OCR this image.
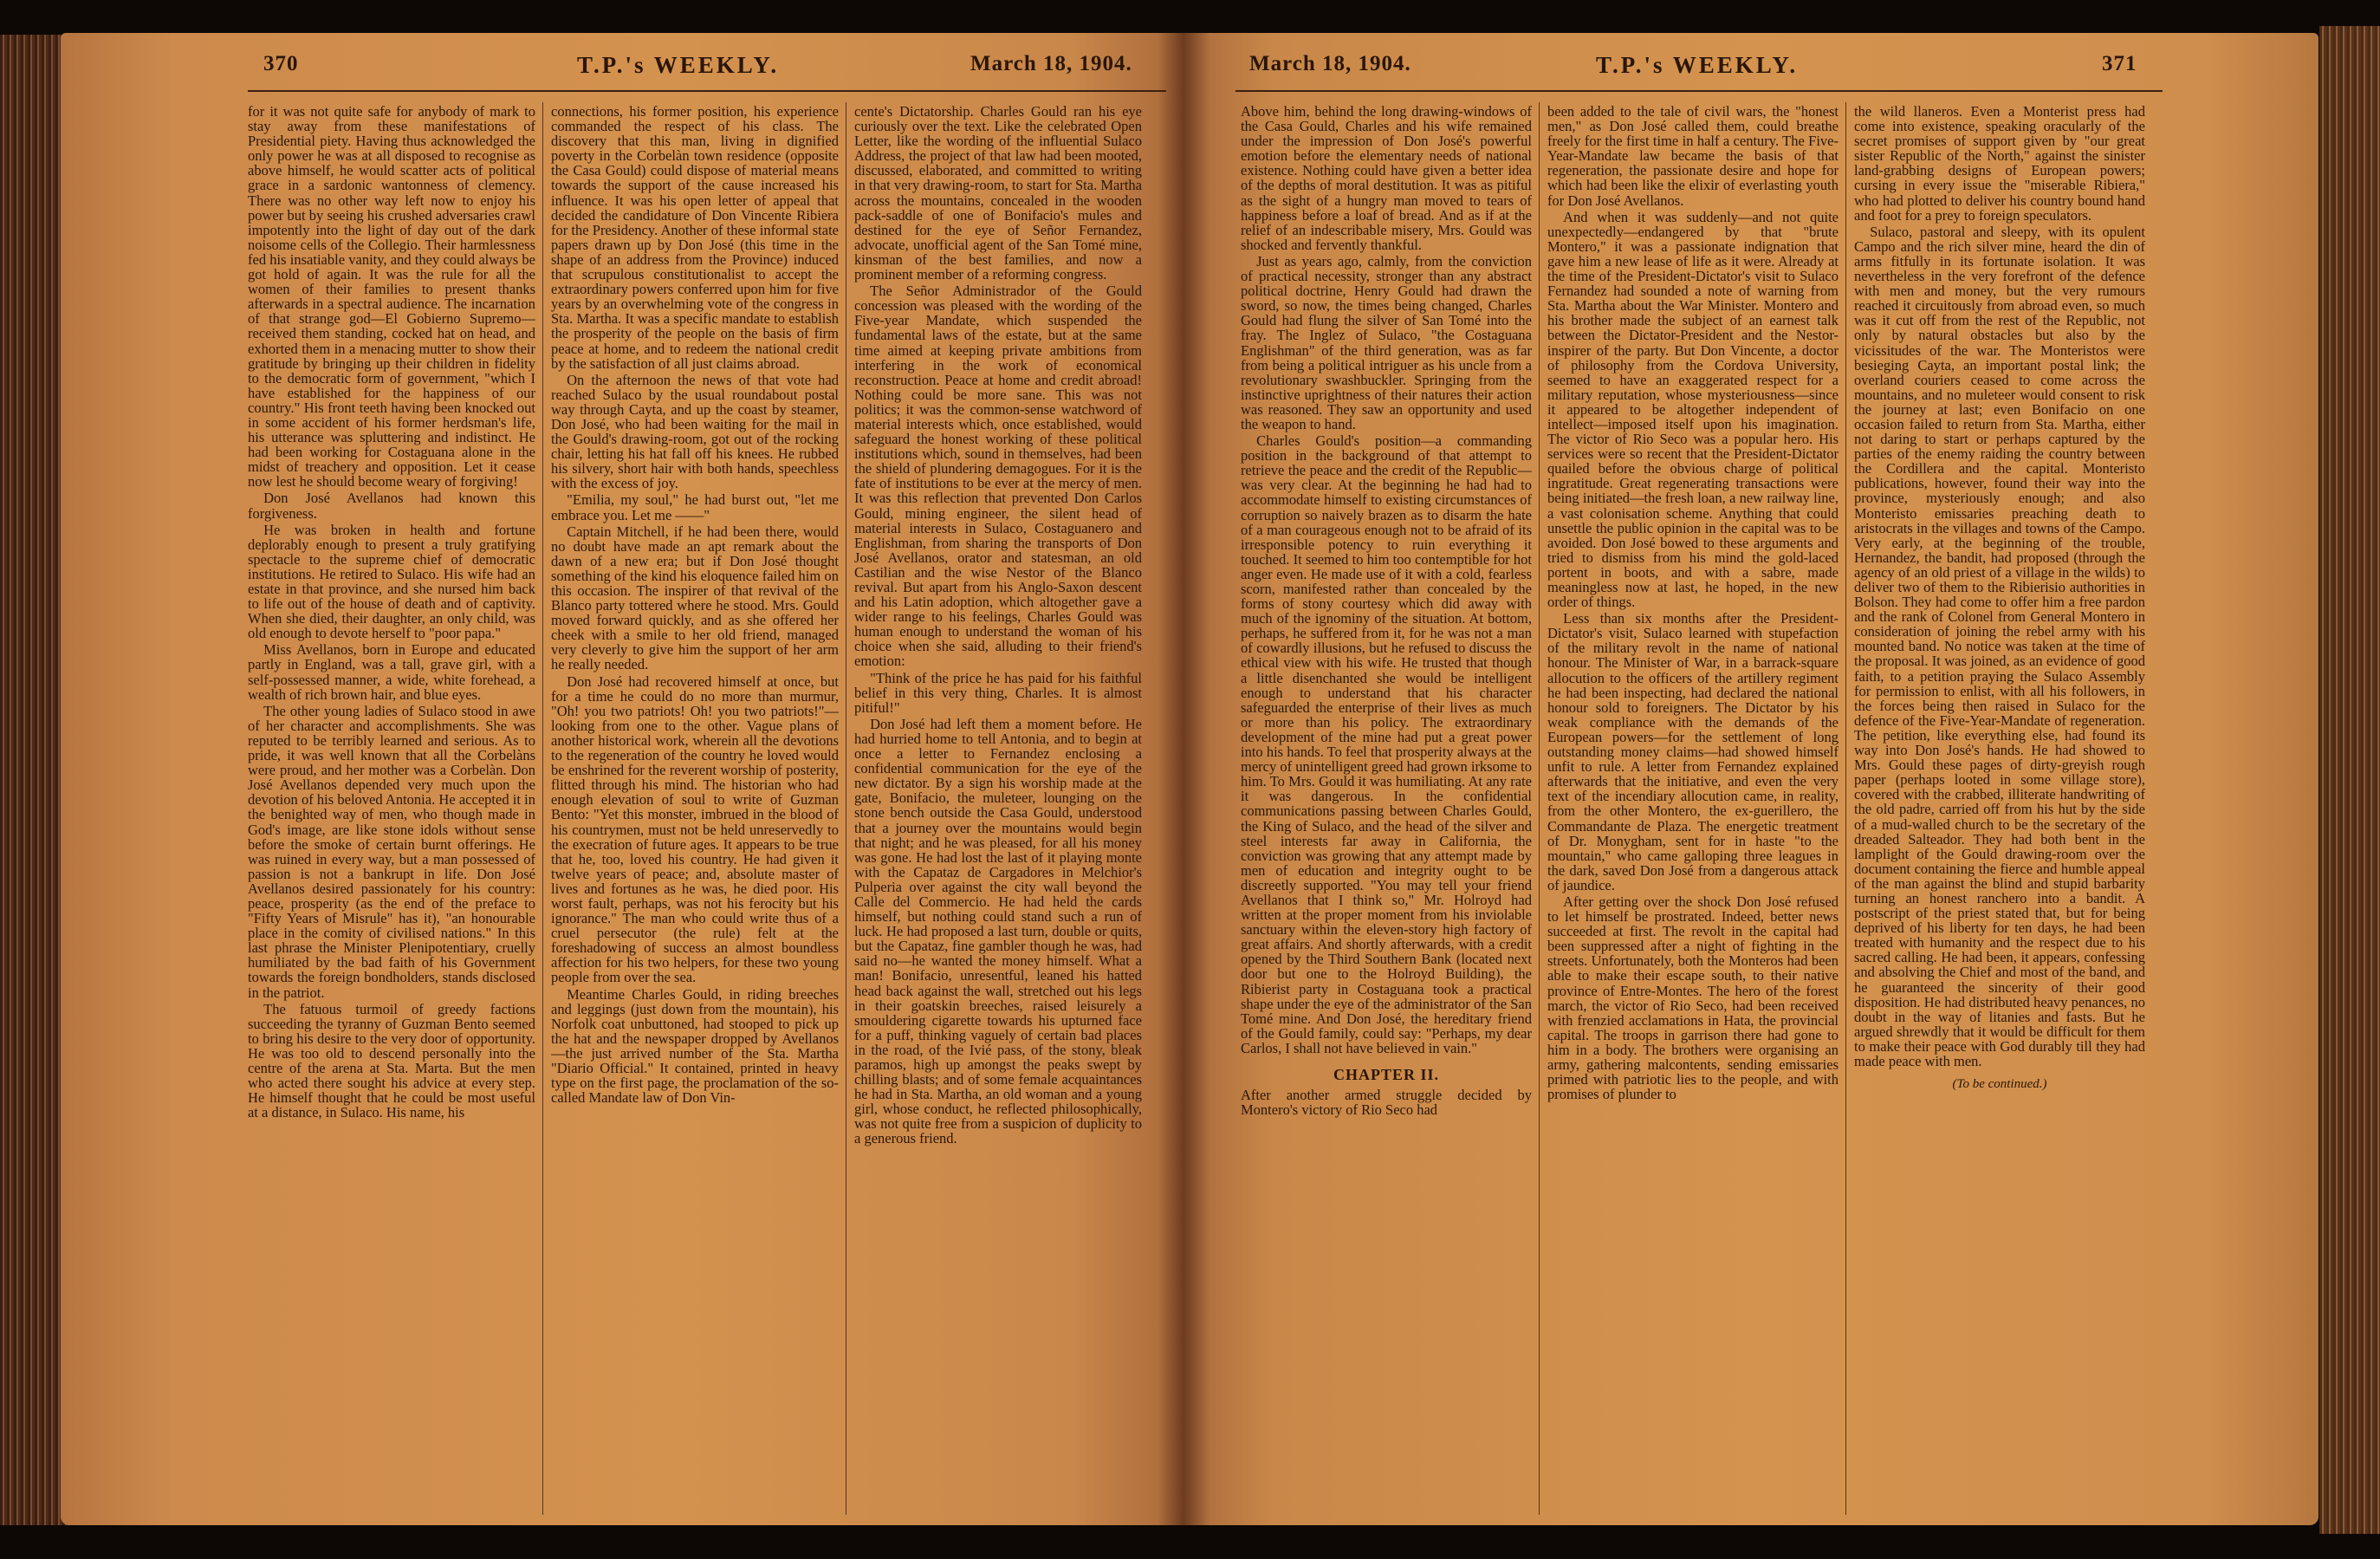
370	T.P.'s WEEKLY.	March 18, 1904.

for it was not quite safe for anybody of mark to stay away from these manifestations of Presidential piety. Having thus acknowledged the only power he was at all disposed to recognise as above himself, he would scatter acts of political grace in a sardonic wantonness of clemency. There was no other way left now to enjoy his power but by seeing his crushed adversaries crawl impotently into the light of day out of the dark noisome cells of the Collegio. Their harmlessness fed his insatiable vanity, and they could always be got hold of again. It was the rule for all the women of their families to present thanks afterwards in a spectral audience. The incarnation of that strange god—El Gobierno Supremo—received them standing, cocked hat on head, and exhorted them in a menacing mutter to show their gratitude by bringing up their children in fidelity to the democratic form of government, "which I have established for the happiness of our country." His front teeth having been knocked out in some accident of his former herdsman's life, his utterance was spluttering and indistinct. He had been working for Costaguana alone in the midst of treachery and opposition. Let it cease now lest he should become weary of forgiving!

Don José Avellanos had known this forgiveness.

He was broken in health and fortune deplorably enough to present a truly gratifying spectacle to the supreme chief of democratic institutions. He retired to Sulaco. His wife had an estate in that province, and she nursed him back to life out of the house of death and of captivity. When she died, their daughter, an only child, was old enough to devote herself to "poor papa."

Miss Avellanos, born in Europe and educated partly in England, was a tall, grave girl, with a self-possessed manner, a wide, white forehead, a wealth of rich brown hair, and blue eyes.

The other young ladies of Sulaco stood in awe of her character and accomplishments. She was reputed to be terribly learned and serious. As to pride, it was well known that all the Corbelàns were proud, and her mother was a Corbelàn. Don José Avellanos depended very much upon the devotion of his beloved Antonia. He accepted it in the benighted way of men, who though made in God's image, are like stone idols without sense before the smoke of certain burnt offerings. He was ruined in every way, but a man possessed of passion is not a bankrupt in life. Don José Avellanos desired passionately for his country: peace, prosperity (as the end of the preface to "Fifty Years of Misrule" has it), "an honourable place in the comity of civilised nations." In this last phrase the Minister Plenipotentiary, cruelly humiliated by the bad faith of his Government towards the foreign bondholders, stands disclosed in the patriot.

The fatuous turmoil of greedy factions succeeding the tyranny of Guzman Bento seemed to bring his desire to the very door of opportunity. He was too old to descend personally into the centre of the arena at Sta. Marta. But the men who acted there sought his advice at every step. He himself thought that he could be most useful at a distance, in Sulaco. His name, his

connections, his former position, his experience commanded the respect of his class. The discovery that this man, living in dignified poverty in the Corbelàn town residence (opposite the Casa Gould) could dispose of material means towards the support of the cause increased his influence. It was his open letter of appeal that decided the candidature of Don Vincente Ribiera for the Presidency. Another of these informal state papers drawn up by Don José (this time in the shape of an address from the Province) induced that scrupulous constitutionalist to accept the extraordinary powers conferred upon him for five years by an overwhelming vote of the congress in Sta. Martha. It was a specific mandate to establish the prosperity of the people on the basis of firm peace at home, and to redeem the national credit by the satisfaction of all just claims abroad.

On the afternoon the news of that vote had reached Sulaco by the usual roundabout postal way through Cayta, and up the coast by steamer, Don José, who had been waiting for the mail in the Gould's drawing-room, got out of the rocking chair, letting his hat fall off his knees. He rubbed his silvery, short hair with both hands, speechless with the excess of joy.

"Emilia, my soul," he had burst out, "let me embrace you. Let me ——"

Captain Mitchell, if he had been there, would no doubt have made an apt remark about the dawn of a new era; but if Don José thought something of the kind his eloquence failed him on this occasion. The inspirer of that revival of the Blanco party tottered where he stood. Mrs. Gould moved forward quickly, and as she offered her cheek with a smile to her old friend, managed very cleverly to give him the support of her arm he really needed.

Don José had recovered himself at once, but for a time he could do no more than murmur, "Oh! you two patriots! Oh! you two patriots!"—looking from one to the other. Vague plans of another historical work, wherein all the devotions to the regeneration of the country he loved would be enshrined for the reverent worship of posterity, flitted through his mind. The historian who had enough elevation of soul to write of Guzman Bento: "Yet this monster, imbrued in the blood of his countrymen, must not be held unreservedly to the execration of future ages. It appears to be true that he, too, loved his country. He had given it twelve years of peace; and, absolute master of lives and fortunes as he was, he died poor. His worst fault, perhaps, was not his ferocity but his ignorance." The man who could write thus of a cruel persecutor (the rule) felt at the foreshadowing of success an almost boundless affection for his two helpers, for these two young people from over the sea.

Meantime Charles Gould, in riding breeches and leggings (just down from the mountain), his Norfolk coat unbuttoned, had stooped to pick up the hat and the newspaper dropped by Avellanos—the just arrived number of the Sta. Martha "Diario Official." It contained, printed in heavy type on the first page, the proclamation of the so-called Mandate law of Don Vin-

cente's Dictatorship. Charles Gould ran his eye curiously over the text. Like the celebrated Open Letter, like the wording of the influential Sulaco Address, the project of that law had been mooted, discussed, elaborated, and committed to writing in that very drawing-room, to start for Sta. Martha across the mountains, concealed in the wooden pack-saddle of one of Bonifacio's mules and destined for the eye of Señor Fernandez, advocate, unofficial agent of the San Tomé mine, kinsman of the best families, and now a prominent member of a reforming congress.

The Señor Administrador of the Gould concession was pleased with the wording of the Five-year Mandate, which suspended the fundamental laws of the estate, but at the same time aimed at keeping private ambitions from interfering in the work of economical reconstruction. Peace at home and credit abroad! Nothing could be more sane. This was not politics; it was the common-sense watchword of material interests which, once established, would safeguard the honest working of these political institutions which, sound in themselves, had been the shield of plundering demagogues. For it is the fate of institutions to be ever at the mercy of men. It was this reflection that prevented Don Carlos Gould, mining engineer, the silent head of material interests in Sulaco, Costaguanero and Englishman, from sharing the transports of Don José Avellanos, orator and statesman, an old Castilian and the wise Nestor of the Blanco revival. But apart from his Anglo-Saxon descent and his Latin adoption, which altogether gave a wider range to his feelings, Charles Gould was human enough to understand the woman of his choice when she said, alluding to their friend's emotion:

"Think of the price he has paid for his faithful belief in this very thing, Charles. It is almost pitiful!"

Don José had left them a moment before. He had hurried home to tell Antonia, and to begin at once a letter to Fernandez enclosing a confidential communication for the eye of the new dictator. By a sign his worship made at the gate, Bonifacio, the muleteer, lounging on the stone bench outside the Casa Gould, understood that a journey over the mountains would begin that night; and he was pleased, for all his money was gone. He had lost the last of it playing monte with the Capataz de Cargadores in Melchior's Pulperia over against the city wall beyond the Calle del Commercio. He had held the cards himself, but nothing could stand such a run of luck. He had proposed a last turn, double or quits, but the Capataz, fine gambler though he was, had said no—he wanted the money himself. What a man! Bonifacio, unresentful, leaned his hatted head back against the wall, stretched out his legs in their goatskin breeches, raised leisurely a smouldering cigarette towards his upturned face for a puff, thinking vaguely of certain bad places in the road, of the Ivié pass, of the stony, bleak paramos, high up amongst the peaks swept by chilling blasts; and of some female acquaintances he had in Sta. Martha, an old woman and a young girl, whose conduct, he reflected philosophically, was not quite free from a suspicion of duplicity to a generous friend.

March 18, 1904.	T.P.'s WEEKLY.	371

Above him, behind the long drawing-windows of the Casa Gould, Charles and his wife remained under the impression of Don José's powerful emotion before the elementary needs of national existence. Nothing could have given a better idea of the depths of moral destitution. It was as pitiful as the sight of a hungry man moved to tears of happiness before a loaf of bread. And as if at the relief of an indescribable misery, Mrs. Gould was shocked and fervently thankful.

Just as years ago, calmly, from the conviction of practical necessity, stronger than any abstract political doctrine, Henry Gould had drawn the sword, so now, the times being changed, Charles Gould had flung the silver of San Tomé into the fray. The Inglez of Sulaco, "the Costaguana Englishman" of the third generation, was as far from being a political intriguer as his uncle from a revolutionary swashbuckler. Springing from the instinctive uprightness of their natures their action was reasoned. They saw an opportunity and used the weapon to hand.

Charles Gould's position—a commanding position in the background of that attempt to retrieve the peace and the credit of the Republic—was very clear. At the beginning he had had to accommodate himself to existing circumstances of corruption so naively brazen as to disarm the hate of a man courageous enough not to be afraid of its irresponsible potency to ruin everything it touched. It seemed to him too contemptible for hot anger even. He made use of it with a cold, fearless scorn, manifested rather than concealed by the forms of stony courtesy which did away with much of the ignominy of the situation. At bottom, perhaps, he suffered from it, for he was not a man of cowardly illusions, but he refused to discuss the ethical view with his wife. He trusted that though a little disenchanted she would be intelligent enough to understand that his character safeguarded the enterprise of their lives as much or more than his policy. The extraordinary development of the mine had put a great power into his hands. To feel that prosperity always at the mercy of unintelligent greed had grown irksome to him. To Mrs. Gould it was humiliating. At any rate it was dangerous. In the confidential communications passing between Charles Gould, the King of Sulaco, and the head of the silver and steel interests far away in California, the conviction was growing that any attempt made by men of education and integrity ought to be discreetly supported. "You may tell your friend Avellanos that I think so," Mr. Holroyd had written at the proper moment from his inviolable sanctuary within the eleven-story high factory of great affairs. And shortly afterwards, with a credit opened by the Third Southern Bank (located next door but one to the Holroyd Building), the Ribierist party in Costaguana took a practical shape under the eye of the administrator of the San Tomé mine. And Don José, the hereditary friend of the Gould family, could say: "Perhaps, my dear Carlos, I shall not have believed in vain."

CHAPTER II.

After another armed struggle decided by Montero's victory of Rio Seco had

been added to the tale of civil wars, the "honest men," as Don José called them, could breathe freely for the first time in half a century. The Five-Year-Mandate law became the basis of that regeneration, the passionate desire and hope for which had been like the elixir of everlasting youth for Don José Avellanos.

And when it was suddenly—and not quite unexpectedly—endangered by that "brute Montero," it was a passionate indignation that gave him a new lease of life as it were. Already at the time of the President-Dictator's visit to Sulaco Fernandez had sounded a note of warning from Sta. Martha about the War Minister. Montero and his brother made the subject of an earnest talk between the Dictator-President and the Nestor-inspirer of the party. But Don Vincente, a doctor of philosophy from the Cordova University, seemed to have an exaggerated respect for a military reputation, whose mysteriousness—since it appeared to be altogether independent of intellect—imposed itself upon his imagination. The victor of Rio Seco was a popular hero. His services were so recent that the President-Dictator quailed before the obvious charge of political ingratitude. Great regenerating transactions were being initiated—the fresh loan, a new railway line, a vast colonisation scheme. Anything that could unsettle the public opinion in the capital was to be avoided. Don José bowed to these arguments and tried to dismiss from his mind the gold-laced portent in boots, and with a sabre, made meaningless now at last, he hoped, in the new order of things.

Less than six months after the President-Dictator's visit, Sulaco learned with stupefaction of the military revolt in the name of national honour. The Minister of War, in a barrack-square allocution to the officers of the artillery regiment he had been inspecting, had declared the national honour sold to foreigners. The Dictator by his weak compliance with the demands of the European powers—for the settlement of long outstanding money claims—had showed himself unfit to rule. A letter from Fernandez explained afterwards that the initiative, and even the very text of the incendiary allocution came, in reality, from the other Montero, the ex-guerillero, the Commandante de Plaza. The energetic treatment of Dr. Monygham, sent for in haste "to the mountain," who came galloping three leagues in the dark, saved Don José from a dangerous attack of jaundice.

After getting over the shock Don José refused to let himself be prostrated. Indeed, better news succeeded at first. The revolt in the capital had been suppressed after a night of fighting in the streets. Unfortunately, both the Monteros had been able to make their escape south, to their native province of Entre-Montes. The hero of the forest march, the victor of Rio Seco, had been received with frenzied acclamations in Hata, the provincial capital. The troops in garrison there had gone to him in a body. The brothers were organising an army, gathering malcontents, sending emissaries primed with patriotic lies to the people, and with promises of plunder to

the wild llaneros. Even a Monterist press had come into existence, speaking oracularly of the secret promises of support given by "our great sister Republic of the North," against the sinister land-grabbing designs of European powers; cursing in every issue the "miserable Ribiera," who had plotted to deliver his country bound hand and foot for a prey to foreign speculators.

Sulaco, pastoral and sleepy, with its opulent Campo and the rich silver mine, heard the din of arms fitfully in its fortunate isolation. It was nevertheless in the very forefront of the defence with men and money, but the very rumours reached it circuitously from abroad even, so much was it cut off from the rest of the Republic, not only by natural obstacles but also by the vicissitudes of the war. The Monteristos were besieging Cayta, an important postal link; the overland couriers ceased to come across the mountains, and no muleteer would consent to risk the journey at last; even Bonifacio on one occasion failed to return from Sta. Martha, either not daring to start or perhaps captured by the parties of the enemy raiding the country between the Cordillera and the capital. Monteristo publications, however, found their way into the province, mysteriously enough; and also Monteristo emissaries preaching death to aristocrats in the villages and towns of the Campo. Very early, at the beginning of the trouble, Hernandez, the bandit, had proposed (through the agency of an old priest of a village in the wilds) to deliver two of them to the Ribierisio authorities in Bolson. They had come to offer him a free pardon and the rank of Colonel from General Montero in consideration of joining the rebel army with his mounted band. No notice was taken at the time of the proposal. It was joined, as an evidence of good faith, to a petition praying the Sulaco Assembly for permission to enlist, with all his followers, in the forces being then raised in Sulaco for the defence of the Five-Year-Mandate of regeneration. The petition, like everything else, had found its way into Don José's hands. He had showed to Mrs. Gould these pages of dirty-greyish rough paper (perhaps looted in some village store), covered with the crabbed, illiterate handwriting of the old padre, carried off from his hut by the side of a mud-walled church to be the secretary of the dreaded Salteador. They had both bent in the lamplight of the Gould drawing-room over the document containing the fierce and humble appeal of the man against the blind and stupid barbarity turning an honest ranchero into a bandit. A postscript of the priest stated that, but for being deprived of his liberty for ten days, he had been treated with humanity and the respect due to his sacred calling. He had been, it appears, confessing and absolving the Chief and most of the band, and he guaranteed the sincerity of their good disposition. He had distributed heavy penances, no doubt in the way of litanies and fasts. But he argued shrewdly that it would be difficult for them to make their peace with God durably till they had made peace with men.

(To be continued.)
